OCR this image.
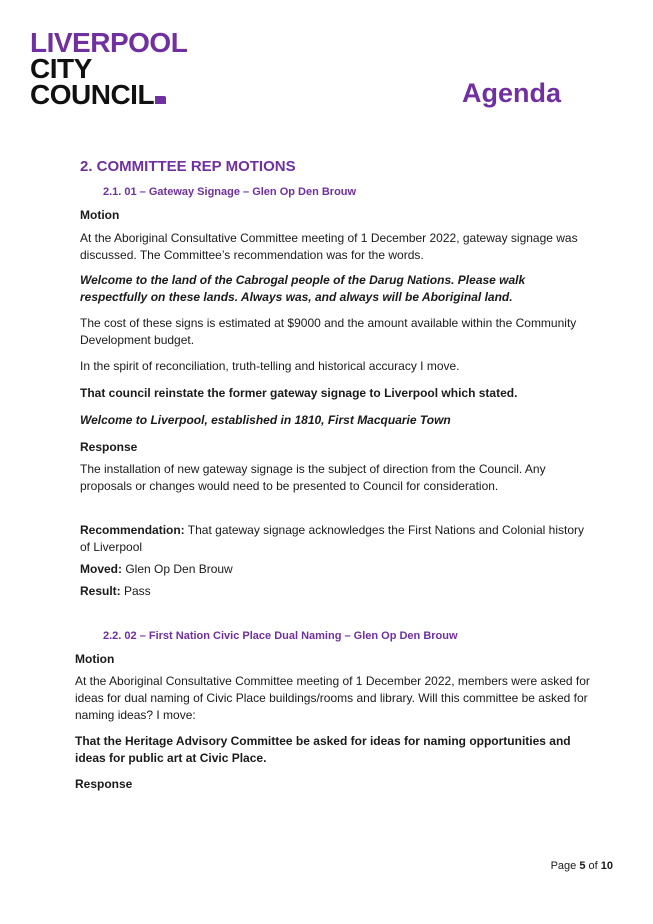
LIVERPOOL
CITY
COUNCIL	Agenda
2. COMMITTEE REP MOTIONS
2.1. 01 – Gateway Signage – Glen Op Den Brouw
Motion
At the Aboriginal Consultative Committee meeting of 1 December 2022, gateway signage was discussed. The Committee’s recommendation was for the words.
Welcome to the land of the Cabrogal people of the Darug Nations. Please walk respectfully on these lands. Always was, and always will be Aboriginal land.
The cost of these signs is estimated at $9000 and the amount available within the Community Development budget.
In the spirit of reconciliation, truth-telling and historical accuracy I move.
That council reinstate the former gateway signage to Liverpool which stated.
Welcome to Liverpool, established in 1810, First Macquarie Town
Response
The installation of new gateway signage is the subject of direction from the Council. Any proposals or changes would need to be presented to Council for consideration.
Recommendation: That gateway signage acknowledges the First Nations and Colonial history of Liverpool
Moved: Glen Op Den Brouw
Result: Pass
2.2. 02 – First Nation Civic Place Dual Naming – Glen Op Den Brouw
Motion
At the Aboriginal Consultative Committee meeting of 1 December 2022, members were asked for ideas for dual naming of Civic Place buildings/rooms and library. Will this committee be asked for naming ideas? I move:
That the Heritage Advisory Committee be asked for ideas for naming opportunities and ideas for public art at Civic Place.
Response
Page 5 of 10
